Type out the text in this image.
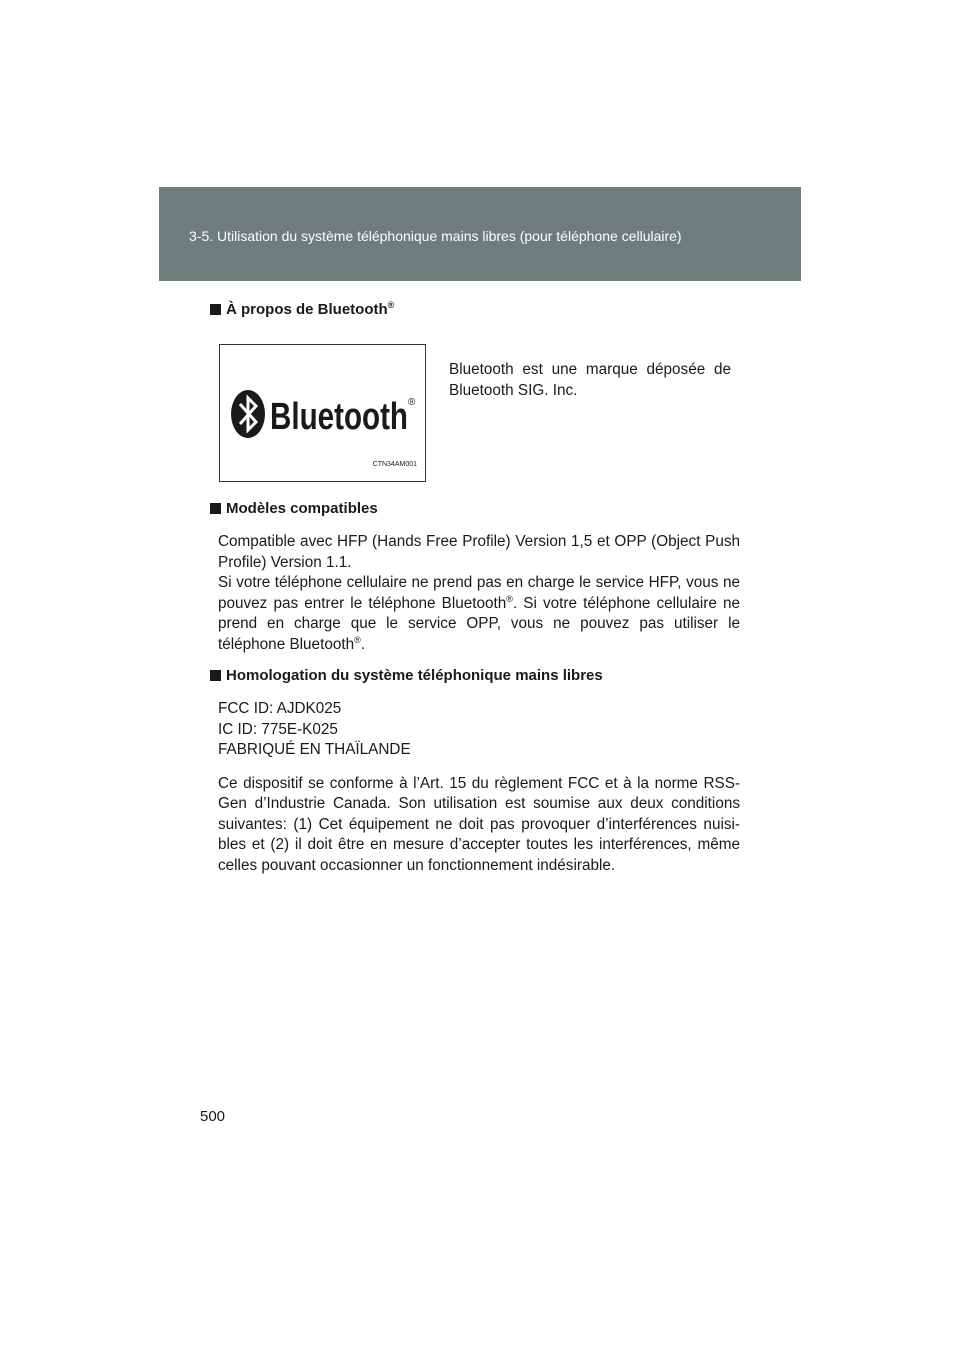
3-5. Utilisation du système téléphonique mains libres (pour téléphone cellulaire)
À propos de Bluetooth®
Bluetooth ®
CTN34AM001
Bluetooth est une marque déposée de Bluetooth SIG. Inc.
Modèles compatibles
Compatible avec HFP (Hands Free Profile) Version 1,5 et OPP (Object Push Profile) Version 1.1.
Si votre téléphone cellulaire ne prend pas en charge le service HFP, vous ne pouvez pas entrer le téléphone Bluetooth®. Si votre téléphone cellulaire ne prend en charge que le service OPP, vous ne pouvez pas utiliser le téléphone Bluetooth®.
Homologation du système téléphonique mains libres
FCC ID: AJDK025
IC ID: 775E-K025
FABRIQUÉ EN THAÏLANDE
Ce dispositif se conforme à l’Art. 15 du règlement FCC et à la norme RSS-Gen d’Industrie Canada. Son utilisation est soumise aux deux conditions suivantes: (1) Cet équipement ne doit pas provoquer d’interférences nuisi-bles et (2) il doit être en mesure d’accepter toutes les interférences, même celles pouvant occasionner un fonctionnement indésirable.
500
